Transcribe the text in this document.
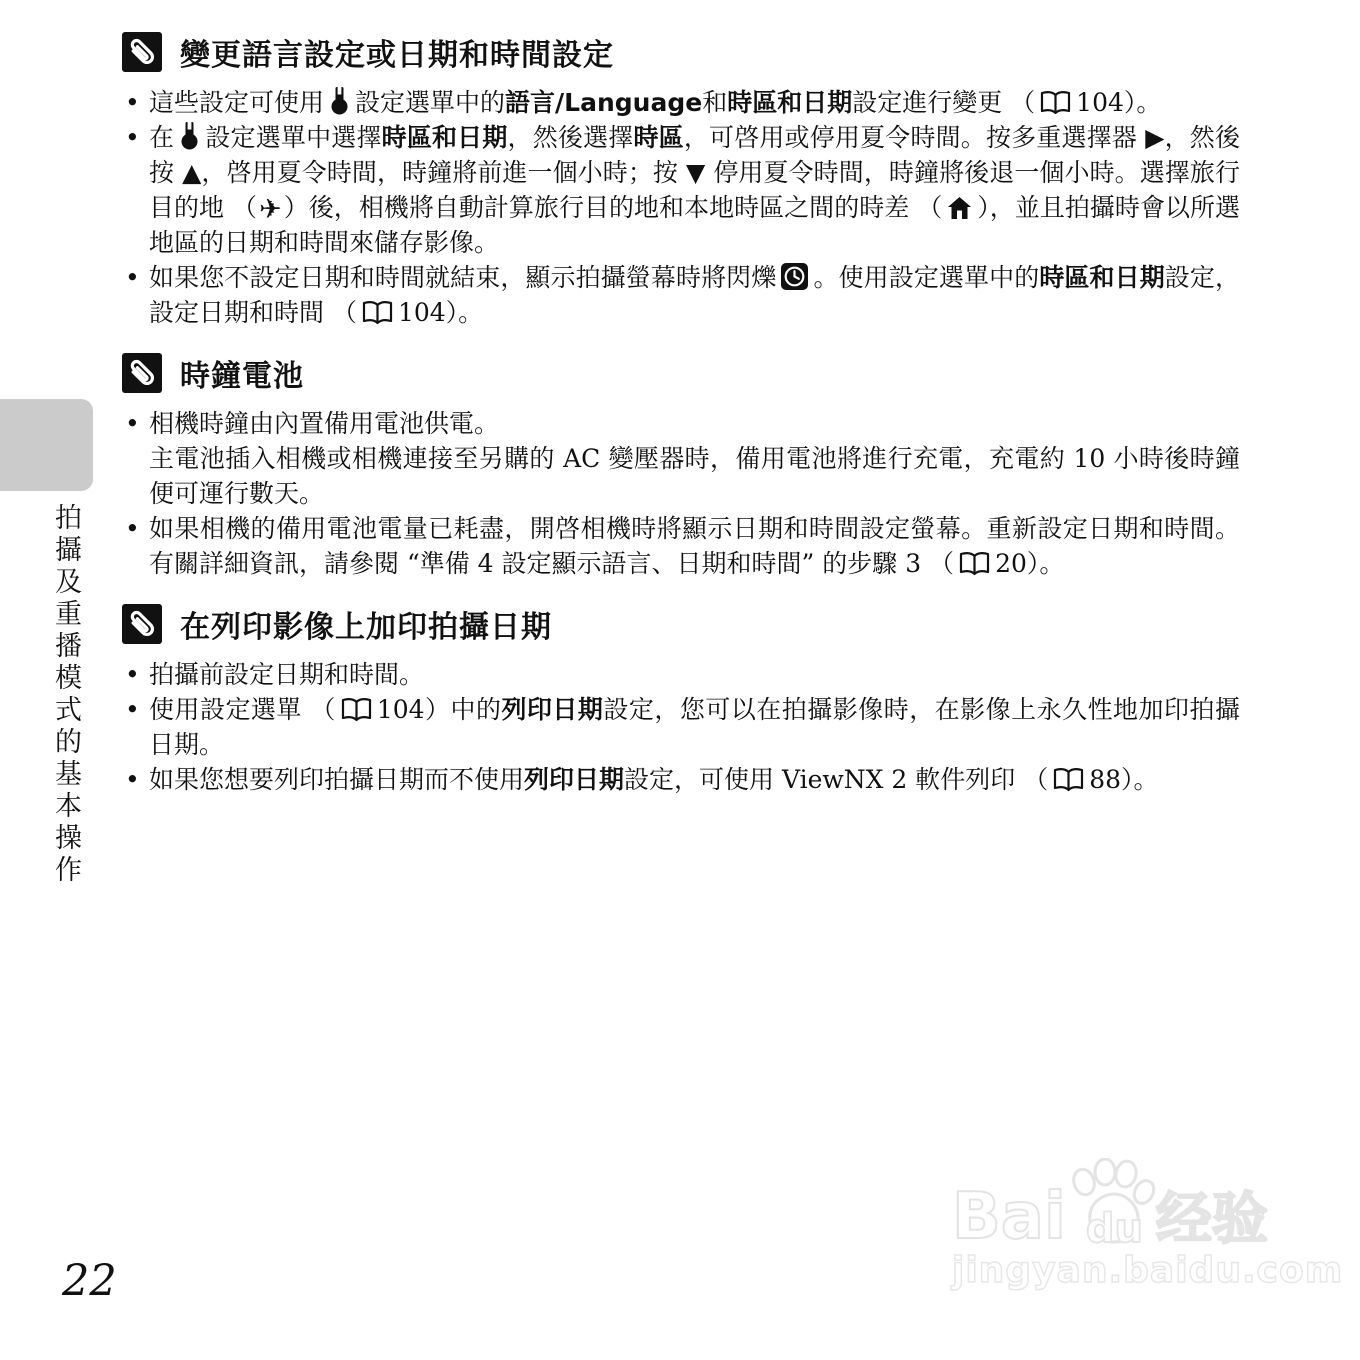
拍攝及重播模式的基本操作
變更語言設定或日期和時間設定
• 這些設定可使用 設定選單中的語言/Language和時區和日期設定進行變更 （ 104）。
• 在 設定選單中選擇時區和日期，然後選擇時區，可啓用或停用夏令時間。按多重選擇器 ▶，然後按 ▲，啓用夏令時間，時鐘將前進一個小時；按 ▼ 停用夏令時間，時鐘將後退一個小時。選擇旅行目的地 （✈）後，相機將自動計算旅行目的地和本地時區之間的時差 （ ），並且拍攝時會以所選地區的日期和時間來儲存影像。
• 如果您不設定日期和時間就結束，顯示拍攝螢幕時將閃爍 。使用設定選單中的時區和日期設定，設定日期和時間 （ 104）。
時鐘電池
• 相機時鐘由內置備用電池供電。
主電池插入相機或相機連接至另購的 AC 變壓器時，備用電池將進行充電，充電約 10 小時後時鐘便可運行數天。
• 如果相機的備用電池電量已耗盡，開啓相機時將顯示日期和時間設定螢幕。重新設定日期和時間。有關詳細資訊，請參閱 “準備 4 設定顯示語言、日期和時間” 的步驟 3 （ 20）。
在列印影像上加印拍攝日期
• 拍攝前設定日期和時間。
• 使用設定選單 （ 104）中的列印日期設定，您可以在拍攝影像時，在影像上永久性地加印拍攝日期。
• 如果您想要列印拍攝日期而不使用列印日期設定，可使用 ViewNX 2 軟件列印 （ 88）。
22
Bai du 经验
jingyan.baidu.com
